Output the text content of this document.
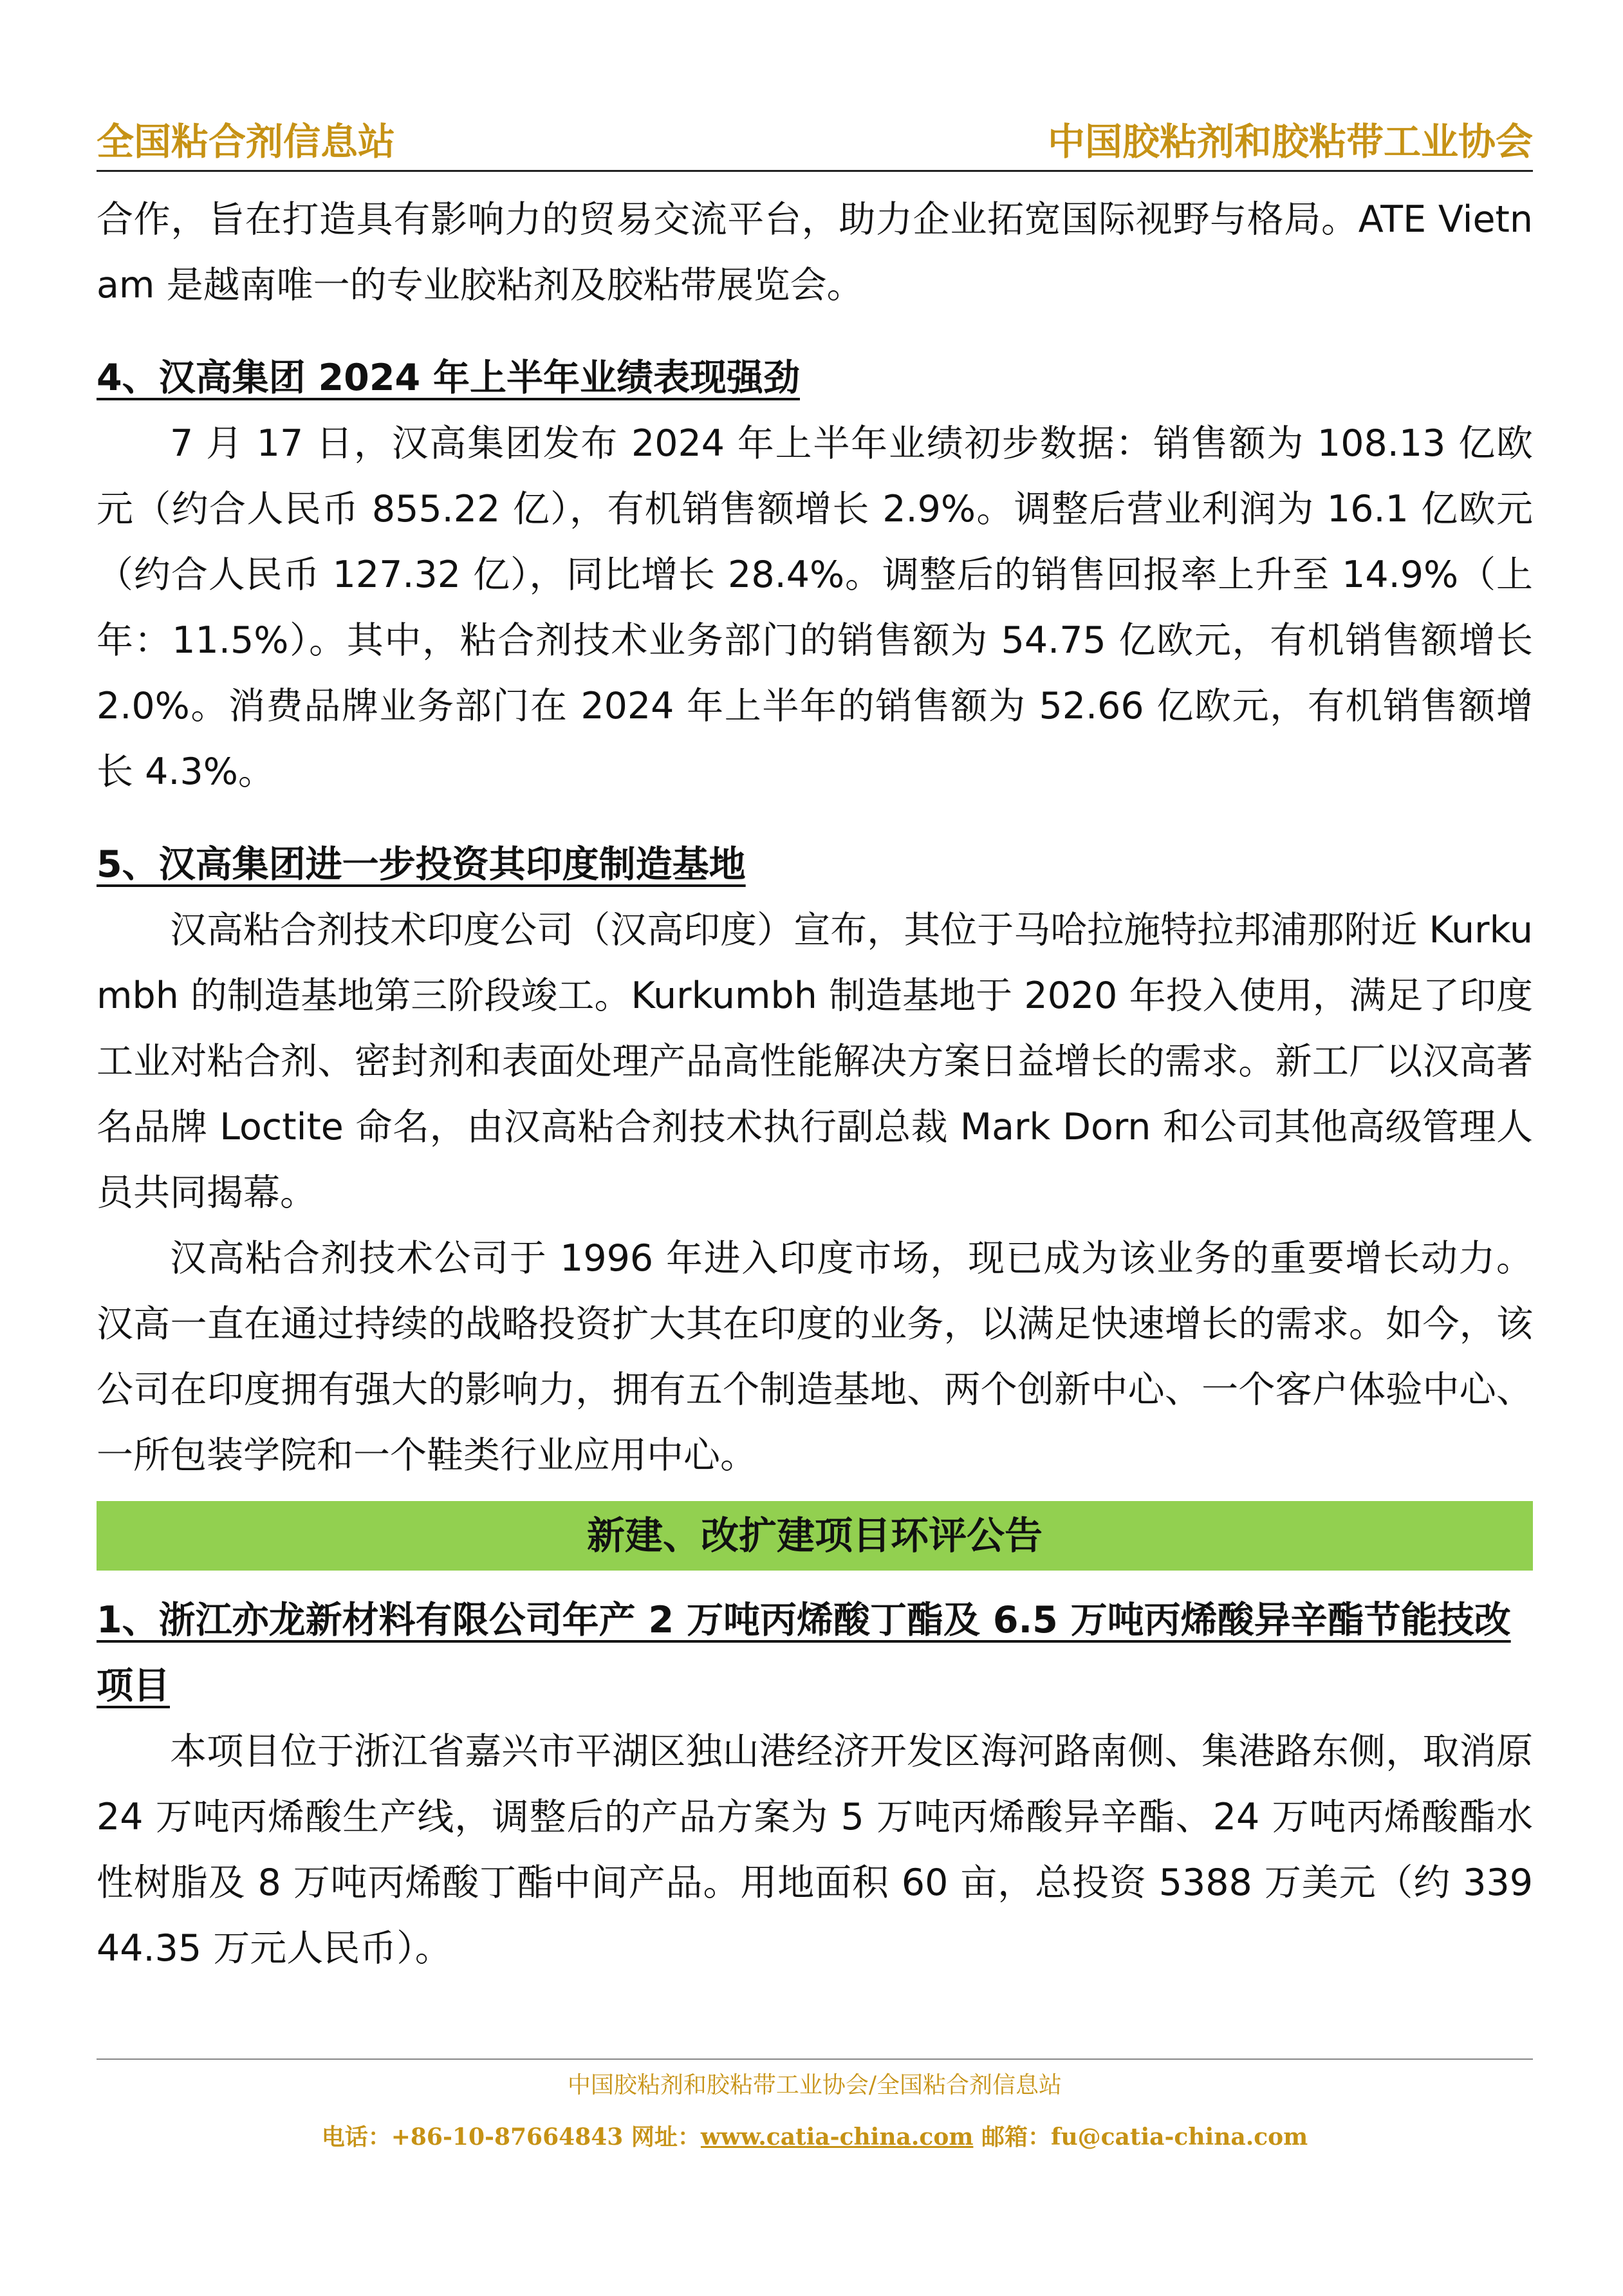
全国粘合剂信息站	中国胶粘剂和胶粘带工业协会

合作，旨在打造具有影响力的贸易交流平台，助力企业拓宽国际视野与格局。ATE Vietnam 是越南唯一的专业胶粘剂及胶粘带展览会。

4、汉高集团 2024 年上半年业绩表现强劲

7 月 17 日，汉高集团发布 2024 年上半年业绩初步数据：销售额为 108.13 亿欧元（约合人民币 855.22 亿），有机销售额增长 2.9%。调整后营业利润为 16.1 亿欧元（约合人民币 127.32 亿），同比增长 28.4%。调整后的销售回报率上升至 14.9%（上年：11.5%）。其中，粘合剂技术业务部门的销售额为 54.75 亿欧元，有机销售额增长 2.0%。消费品牌业务部门在 2024 年上半年的销售额为 52.66 亿欧元，有机销售额增长 4.3%。

5、汉高集团进一步投资其印度制造基地

汉高粘合剂技术印度公司（汉高印度）宣布，其位于马哈拉施特拉邦浦那附近 Kurkumbh 的制造基地第三阶段竣工。Kurkumbh 制造基地于 2020 年投入使用，满足了印度工业对粘合剂、密封剂和表面处理产品高性能解决方案日益增长的需求。新工厂以汉高著名品牌 Loctite 命名，由汉高粘合剂技术执行副总裁 Mark Dorn 和公司其他高级管理人员共同揭幕。

汉高粘合剂技术公司于 1996 年进入印度市场，现已成为该业务的重要增长动力。汉高一直在通过持续的战略投资扩大其在印度的业务，以满足快速增长的需求。如今，该公司在印度拥有强大的影响力，拥有五个制造基地、两个创新中心、一个客户体验中心、一所包装学院和一个鞋类行业应用中心。

新建、改扩建项目环评公告

1、浙江亦龙新材料有限公司年产 2 万吨丙烯酸丁酯及 6.5 万吨丙烯酸异辛酯节能技改项目

本项目位于浙江省嘉兴市平湖区独山港经济开发区海河路南侧、集港路东侧，取消原 24 万吨丙烯酸生产线，调整后的产品方案为 5 万吨丙烯酸异辛酯、24 万吨丙烯酸酯水性树脂及 8 万吨丙烯酸丁酯中间产品。用地面积 60 亩，总投资 5388 万美元（约 33944.35 万元人民币）。

中国胶粘剂和胶粘带工业协会/全国粘合剂信息站
电话：+86-10-87664843 网址：www.catia-china.com 邮箱：fu@catia-china.com
